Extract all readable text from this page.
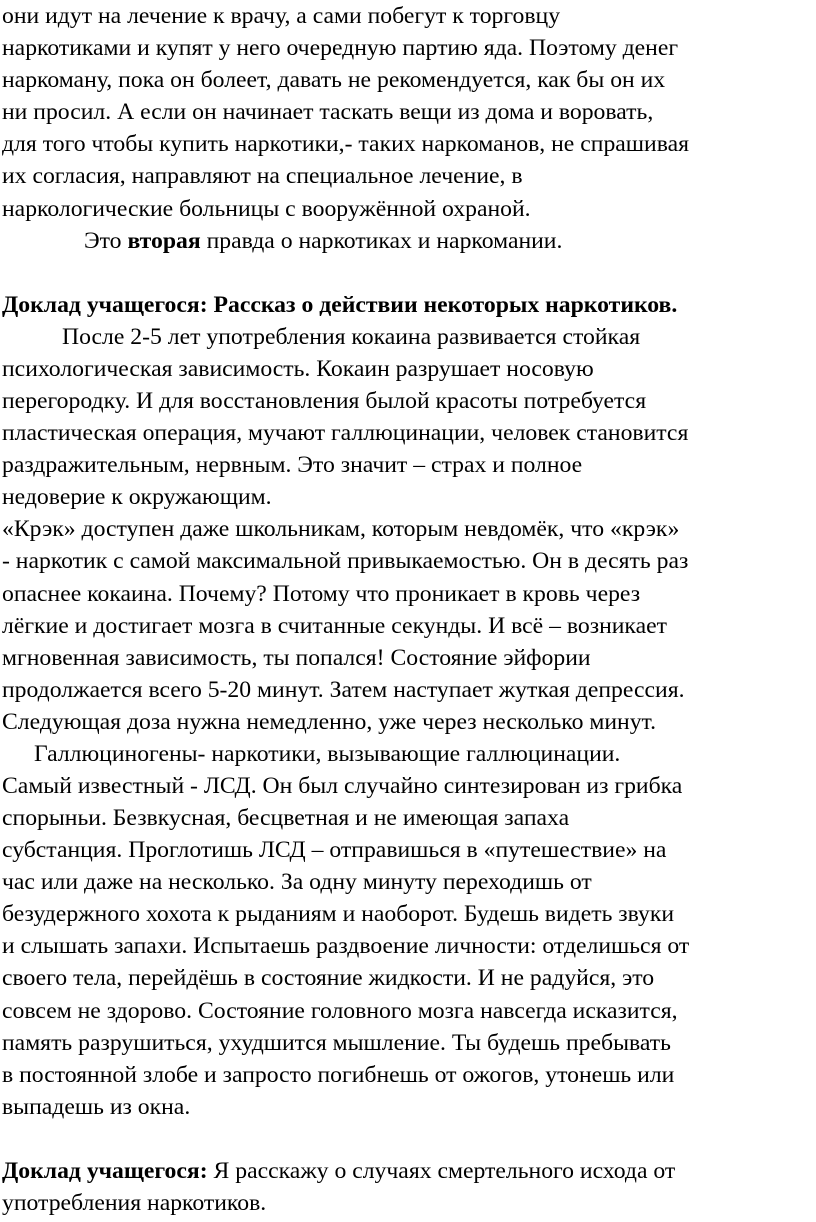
они идут на лечение к врачу, а сами побегут к торговцу
наркотиками и купят у него очередную партию яда. Поэтому денег
наркоману, пока он болеет, давать не рекомендуется, как бы он их
ни просил. А если он начинает таскать вещи из дома и воровать,
для того чтобы купить наркотики,- таких наркоманов, не спрашивая
их согласия, направляют на специальное лечение, в
наркологические больницы с вооружённой охраной.
Это вторая правда о наркотиках и наркомании.
Доклад учащегося: Рассказ о действии некоторых наркотиков.
После 2-5 лет употребления кокаина развивается стойкая
психологическая зависимость. Кокаин разрушает носовую
перегородку. И для восстановления былой красоты потребуется
пластическая операция, мучают галлюцинации, человек становится
раздражительным, нервным. Это значит – страх и полное
недоверие к окружающим.
«Крэк» доступен даже школьникам, которым невдомёк, что «крэк»
- наркотик с самой максимальной привыкаемостью. Он в десять раз
опаснее кокаина. Почему? Потому что проникает в кровь через
лёгкие и достигает мозга в считанные секунды. И всё – возникает
мгновенная зависимость, ты попался! Состояние эйфории
продолжается всего 5-20 минут. Затем наступает жуткая депрессия.
Следующая доза нужна немедленно, уже через несколько минут.
Галлюциногены- наркотики, вызывающие галлюцинации.
Самый известный - ЛСД. Он был случайно синтезирован из грибка
спорыньи. Безвкусная, бесцветная и не имеющая запаха
субстанция. Проглотишь ЛСД – отправишься в «путешествие» на
час или даже на несколько. За одну минуту переходишь от
безудержного хохота к рыданиям и наоборот. Будешь видеть звуки
и слышать запахи. Испытаешь раздвоение личности: отделишься от
своего тела, перейдёшь в состояние жидкости. И не радуйся, это
совсем не здорово. Состояние головного мозга навсегда исказится,
память разрушиться, ухудшится мышление. Ты будешь пребывать
в постоянной злобе и запросто погибнешь от ожогов, утонешь или
выпадешь из окна.
Доклад учащегося: Я расскажу о случаях смертельного исхода от
употребления наркотиков.
